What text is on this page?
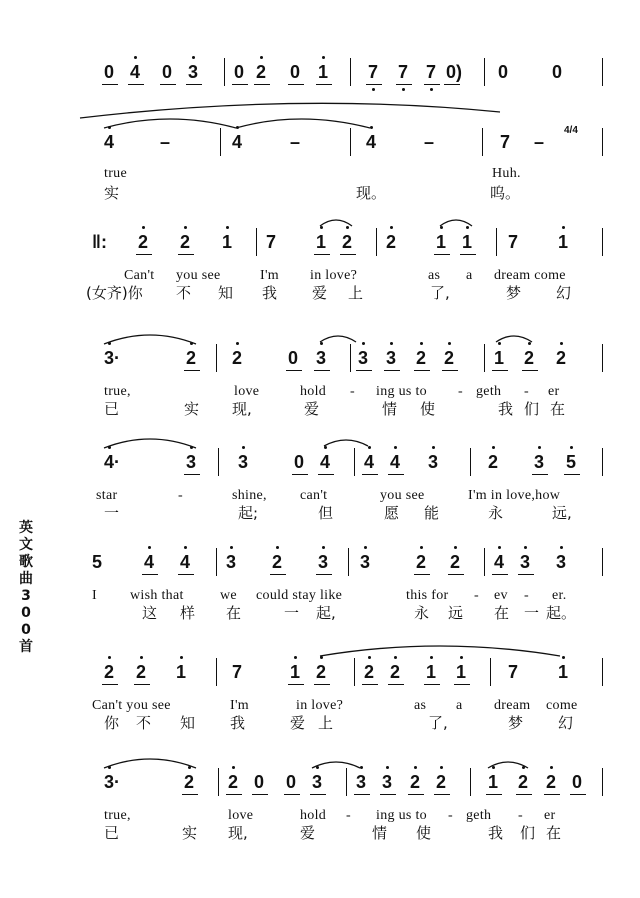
0 4 0 3 0 2 0 1 7 7 7 0) 0 0
4	–	4	–	4	–	7 –
4/4
true	Huh.
实	现。	呜。
‖: 2 2 1 7 1 2 2 1 1 7 1
Can't you see	I'm in love?	as a dream come
(女齐)你 不 知 我 爱 上	了,	梦 幻
3·	2 2	0 3 3 3 2 2 1 2 2
true,	love	hold - ing us to - geth - er
已	实 现,	爱	情 使	我 们 在
4·	3 3	0 4 4 4 3	2 3 5
star	-	shine, can't	you see	I'm in love,how
一	起;	但	愿 能	永	远,
5 4 4 3 2 3 3	2 2 4 3 3
I wish that	we could stay like	this for - ev - er.
这 样 在	一 起,	永 远 在 一 起。
2 2 1	7	1 2 2 2 1 1 7 1
Can't you see	I'm	in love?	as a dream come
你 不 知 我	爱 上	了,	梦 幻
3·	2 2 0 0 3 3 3 2 2 1 2 2 0
true,	love	hold - ing us to - geth - er
已	实 现,	爱	情 使	我 们 在
英
文
歌
曲
3
0
0
首
